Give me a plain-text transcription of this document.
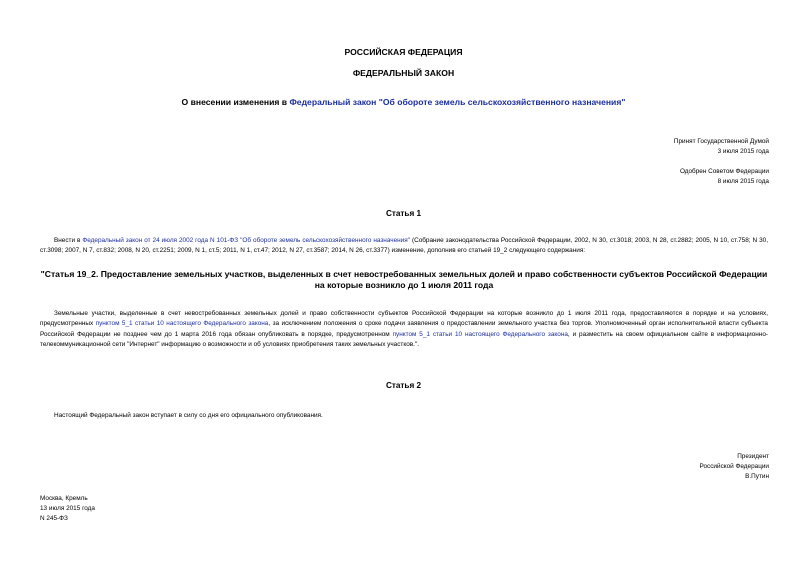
РОССИЙСКАЯ ФЕДЕРАЦИЯ
ФЕДЕРАЛЬНЫЙ ЗАКОН
О внесении изменения в Федеральный закон "Об обороте земель сельскохозяйственного назначения"
Принят Государственной Думой
3 июля 2015 года
Одобрен Советом Федерации
8 июля 2015 года
Статья 1
Внести в Федеральный закон от 24 июля 2002 года N 101-ФЗ "Об обороте земель сельскохозяйственного назначения" (Собрание законодательства Российской Федерации, 2002, N 30, ст.3018; 2003, N 28, ст.2882; 2005, N 10, ст.758; N 30, ст.3098; 2007, N 7, ст.832; 2008, N 20, ст.2251; 2009, N 1, ст.5; 2011, N 1, ст.47; 2012, N 27, ст.3587; 2014, N 26, ст.3377) изменение, дополнив его статьей 19_2 следующего содержания:
"Статья 19_2. Предоставление земельных участков, выделенных в счет невостребованных земельных долей и право собственности субъектов Российской Федерации на которые возникло до 1 июля 2011 года
Земельные участки, выделенные в счет невостребованных земельных долей и право собственности субъектов Российской Федерации на которые возникло до 1 июля 2011 года, предоставляются в порядке и на условиях, предусмотренных пунктом 5_1 статьи 10 настоящего Федерального закона, за исключением положения о сроке подачи заявления о предоставлении земельного участка без торгов. Уполномоченный орган исполнительной власти субъекта Российской Федерации не позднее чем до 1 марта 2016 года обязан опубликовать в порядке, предусмотренном пунктом 5_1 статьи 10 настоящего Федерального закона, и разместить на своем официальном сайте в информационно-телекоммуникационной сети "Интернет" информацию о возможности и об условиях приобретения таких земельных участков.".
Статья 2
Настоящий Федеральный закон вступает в силу со дня его официального опубликования.
Президент
Российской Федерации
В.Путин
Москва, Кремль
13 июля 2015 года
N 245-ФЗ
